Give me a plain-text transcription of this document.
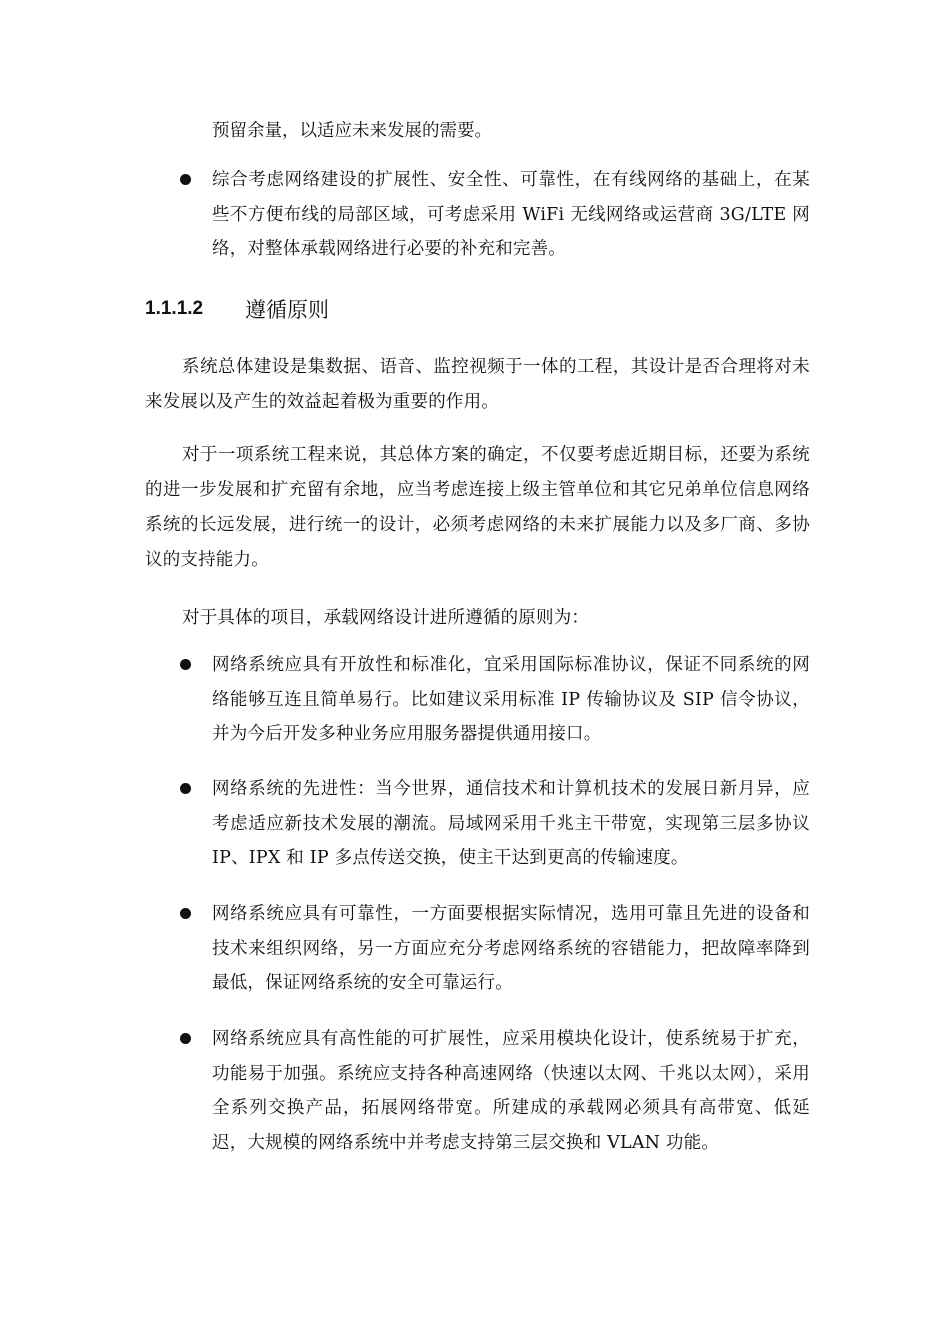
预留余量，以适应未来发展的需要。
综合考虑网络建设的扩展性、安全性、可靠性，在有线网络的基础上，在某些不方便布线的局部区域，可考虑采用 WiFi 无线网络或运营商 3G/LTE 网络，对整体承载网络进行必要的补充和完善。
1.1.1.2	遵循原则

系统总体建设是集数据、语音、监控视频于一体的工程，其设计是否合理将对未来发展以及产生的效益起着极为重要的作用。

对于一项系统工程来说，其总体方案的确定，不仅要考虑近期目标，还要为系统的进一步发展和扩充留有余地，应当考虑连接上级主管单位和其它兄弟单位信息网络系统的长远发展，进行统一的设计，必须考虑网络的未来扩展能力以及多厂商、多协议的支持能力。

对于具体的项目，承载网络设计进所遵循的原则为：

网络系统应具有开放性和标准化，宜采用国际标准协议，保证不同系统的网络能够互连且简单易行。比如建议采用标准 IP 传输协议及 SIP 信令协议，并为今后开发多种业务应用服务器提供通用接口。
网络系统的先进性：当今世界，通信技术和计算机技术的发展日新月异，应考虑适应新技术发展的潮流。局域网采用千兆主干带宽，实现第三层多协议 IP、IPX 和 IP 多点传送交换，使主干达到更高的传输速度。
网络系统应具有可靠性，一方面要根据实际情况，选用可靠且先进的设备和技术来组织网络，另一方面应充分考虑网络系统的容错能力，把故障率降到最低，保证网络系统的安全可靠运行。
网络系统应具有高性能的可扩展性，应采用模块化设计，使系统易于扩充，功能易于加强。系统应支持各种高速网络（快速以太网、千兆以太网），采用全系列交换产品，拓展网络带宽。所建成的承载网必须具有高带宽、低延迟，大规模的网络系统中并考虑支持第三层交换和 VLAN 功能。
